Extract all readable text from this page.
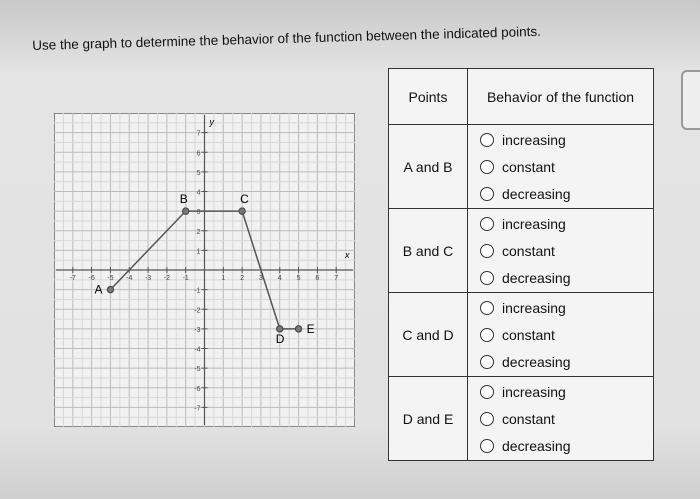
Use the graph to determine the behavior of the function between the indicated points.
x
y
-7 -6 -5 -4 -3 -2 -1	1 2 3 4 5 6 7
-7
-6
-5
-4
-3
-2
-1
1
2
3
4
5
6
7
A
B	C
D
E
Points	Behavior of the function
A and B	increasing
constant
decreasing

B and C	increasing
constant
decreasing

C and D	increasing
constant
decreasing

D and E	increasing
constant
decreasing
